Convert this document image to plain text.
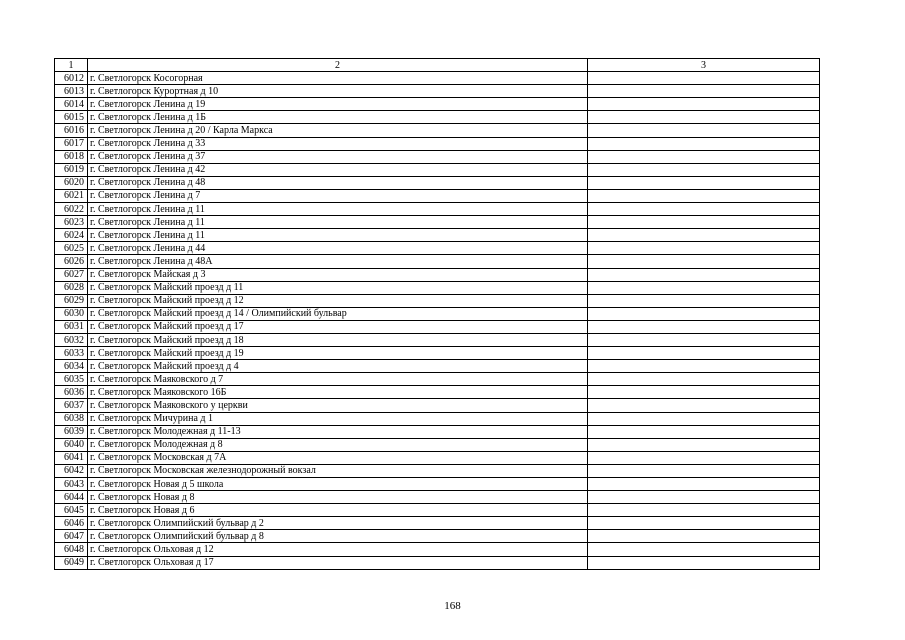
1	2	3
6012	г. Светлогорск Косогорная	
6013	г. Светлогорск Курортная д 10	
6014	г. Светлогорск Ленина д 19	
6015	г. Светлогорск Ленина д 1Б	
6016	г. Светлогорск Ленина д 20 / Карла Маркса	
6017	г. Светлогорск Ленина д 33	
6018	г. Светлогорск Ленина д 37	
6019	г. Светлогорск Ленина д 42	
6020	г. Светлогорск Ленина д 48	
6021	г. Светлогорск Ленина д 7	
6022	г. Светлогорск Ленина д 11	
6023	г. Светлогорск Ленина д 11	
6024	г. Светлогорск Ленина д 11	
6025	г. Светлогорск Ленина д 44	
6026	г. Светлогорск Ленина д 48А	
6027	г. Светлогорск Майская д 3	
6028	г. Светлогорск Майский проезд д 11	
6029	г. Светлогорск Майский проезд д 12	
6030	г. Светлогорск Майский проезд д 14 / Олимпийский бульвар	
6031	г. Светлогорск Майский проезд д 17	
6032	г. Светлогорск Майский проезд д 18	
6033	г. Светлогорск Майский проезд д 19	
6034	г. Светлогорск Майский проезд д 4	
6035	г. Светлогорск Маяковского д 7	
6036	г. Светлогорск Маяковского 16Б	
6037	г. Светлогорск Маяковского у церкви	
6038	г. Светлогорск Мичурина д 1	
6039	г. Светлогорск Молодежная д 11-13	
6040	г. Светлогорск Молодежная д 8	
6041	г. Светлогорск Московская д 7А	
6042	г. Светлогорск Московская железнодорожный вокзал	
6043	г. Светлогорск Новая д 5 школа	
6044	г. Светлогорск Новая д 8	
6045	г. Светлогорск Новая д 6	
6046	г. Светлогорск Олимпийский бульвар д 2	
6047	г. Светлогорск Олимпийский бульвар д 8	
6048	г. Светлогорск Ольховая д 12	
6049	г. Светлогорск Ольховая д 17	
168
